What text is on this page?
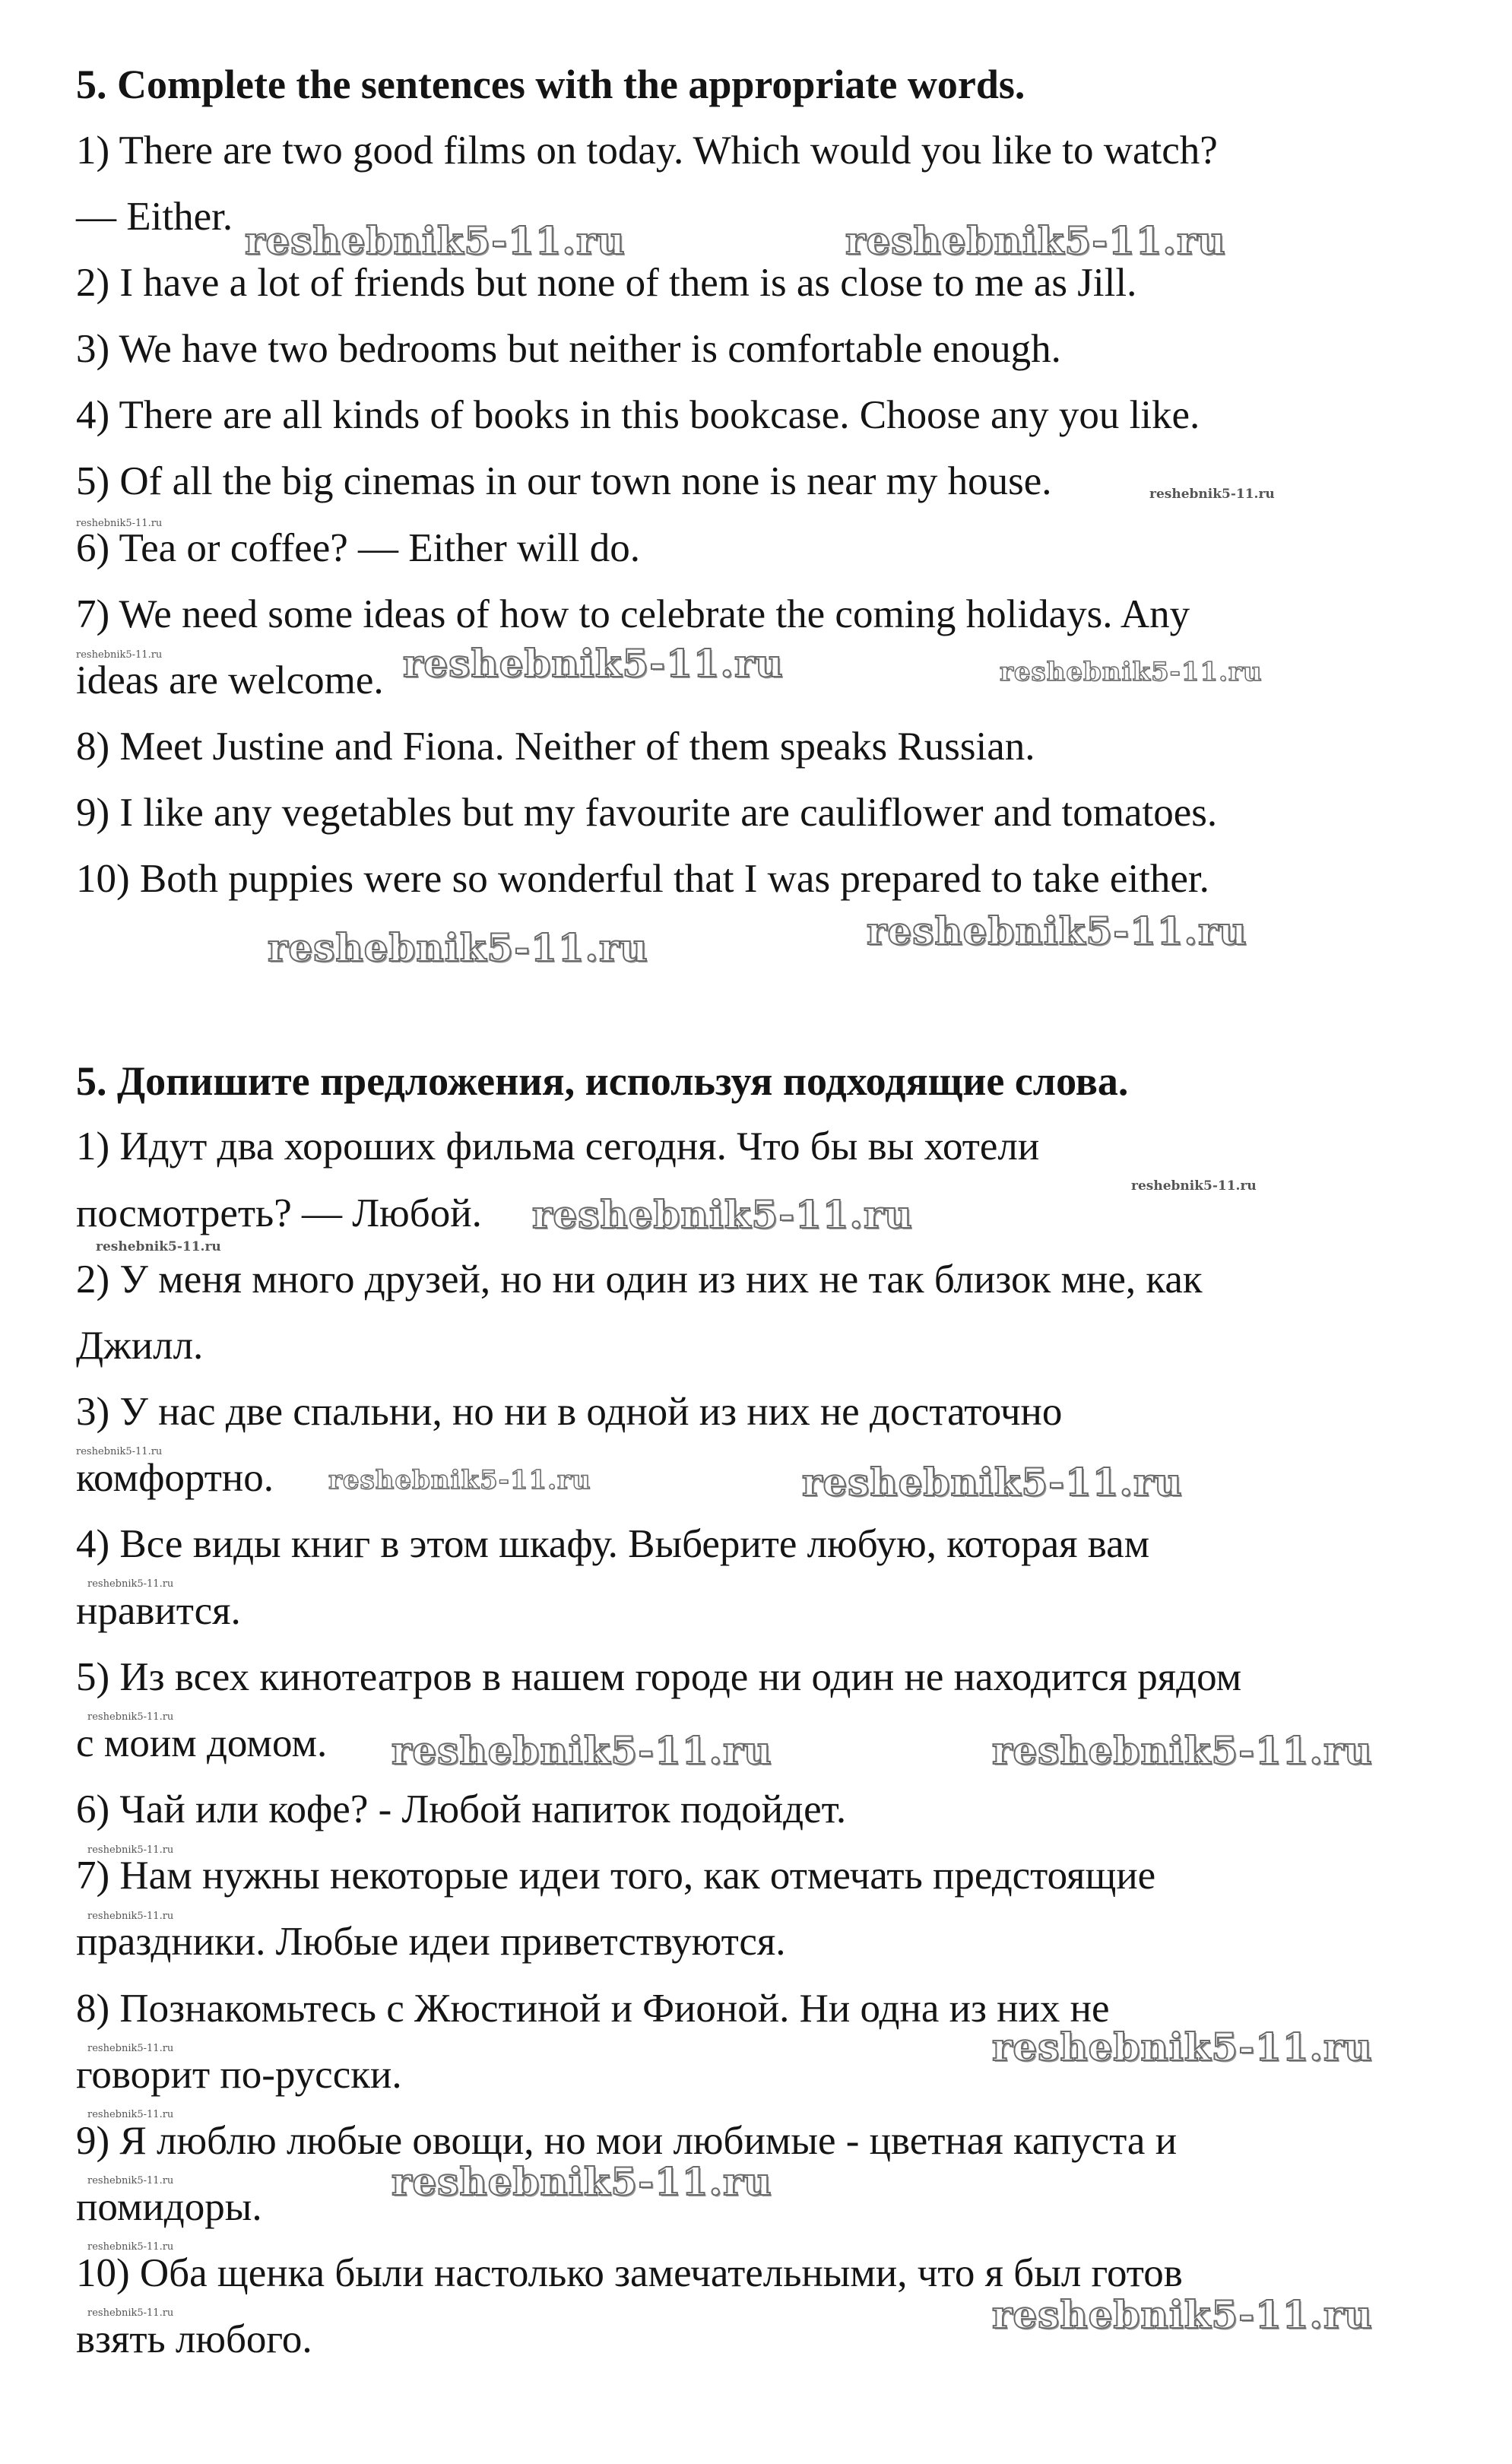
5. Complete the sentences with the appropriate words.
1) There are two good films on today. Which would you like to watch?
— Either.
2) I have a lot of friends but none of them is as close to me as Jill.
3) We have two bedrooms but neither is comfortable enough.
4) There are all kinds of books in this bookcase. Choose any you like.
5) Of all the big cinemas in our town none is near my house.
6) Tea or coffee? — Either will do.
7) We need some ideas of how to celebrate the coming holidays. Any
ideas are welcome.
8) Meet Justine and Fiona. Neither of them speaks Russian.
9) I like any vegetables but my favourite are cauliflower and tomatoes.
10) Both puppies were so wonderful that I was prepared to take either.
5. Допишите предложения, используя подходящие слова.
1) Идут два хороших фильма сегодня. Что бы вы хотели
посмотреть? — Любой.
2) У меня много друзей, но ни один из них не так близок мне, как
Джилл.
3) У нас две спальни, но ни в одной из них не достаточно
комфортно.
4) Все виды книг в этом шкафу. Выберите любую, которая вам
нравится.
5) Из всех кинотеатров в нашем городе ни один не находится рядом
с моим домом.
6) Чай или кофе? - Любой напиток подойдет.
7) Нам нужны некоторые идеи того, как отмечать предстоящие
праздники. Любые идеи приветствуются.
8) Познакомьтесь с Жюстиной и Фионой. Ни одна из них не
говорит по-русски.
9) Я люблю любые овощи, но мои любимые - цветная капуста и
помидоры.
10) Оба щенка были настолько замечательными, что я был готов
взять любого.
reshebnik5-11.ru	reshebnik5-11.ru
reshebnik5-11.ru
reshebnik5-11.ru
reshebnik5-11.ru	reshebnik5-11.ru	reshebnik5-11.ru
reshebnik5-11.ru
reshebnik5-11.ru
reshebnik5-11.ru
reshebnik5-11.ru
reshebnik5-11.ru
reshebnik5-11.ru
reshebnik5-11.ru	reshebnik5-11.ru
reshebnik5-11.ru
reshebnik5-11.ru
reshebnik5-11.ru	reshebnik5-11.ru
reshebnik5-11.ru
reshebnik5-11.ru
reshebnik5-11.ru	reshebnik5-11.ru
reshebnik5-11.ru
reshebnik5-11.ru	reshebnik5-11.ru
reshebnik5-11.ru
reshebnik5-11.ru	reshebnik5-11.ru
